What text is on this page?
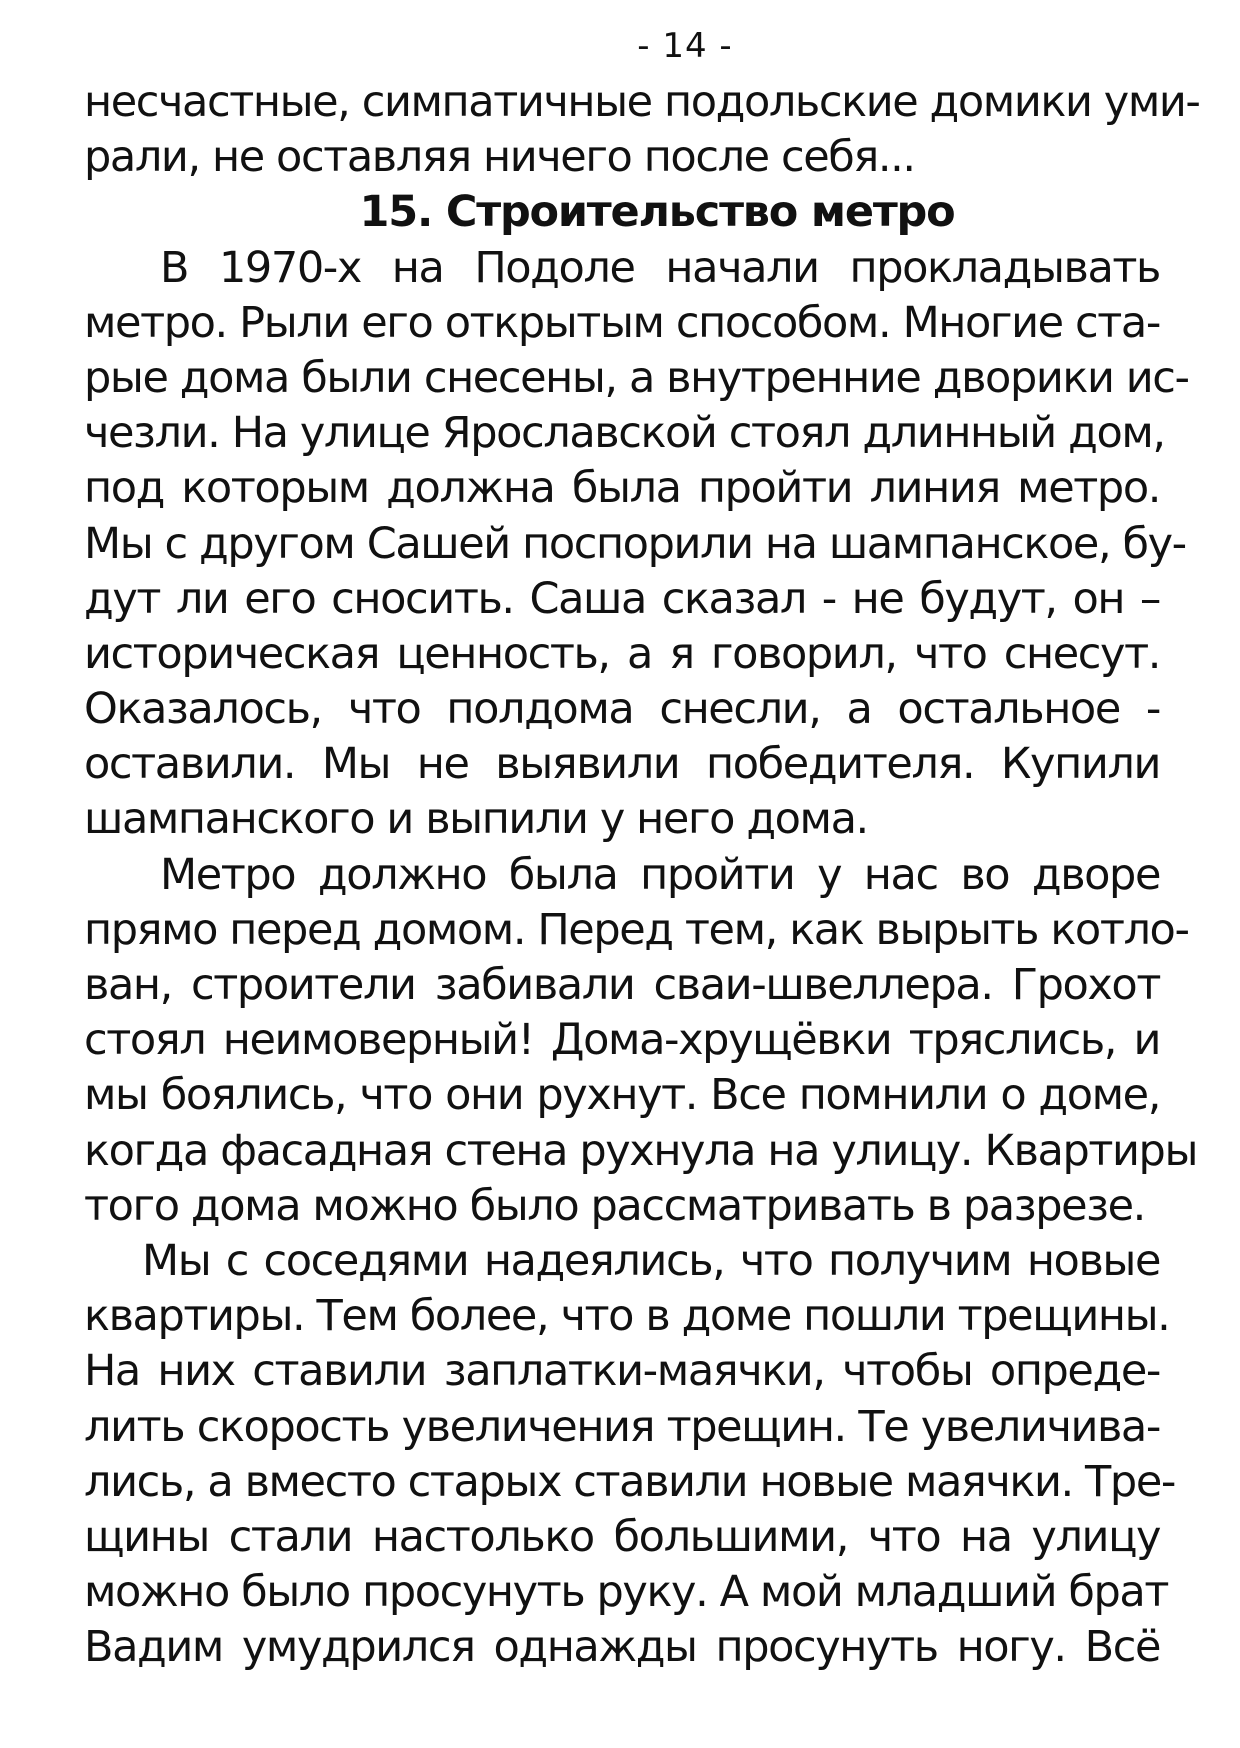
- 14 -
несчастные, симпатичные подольские домики уми-
рали, не оставляя ничего после себя...
15. Строительство метро
В 1970-х на Подоле начали прокладывать
метро. Рыли его открытым способом. Многие ста-
рые дома были снесены, а внутренние дворики ис-
чезли. На улице Ярославской стоял длинный дом,
под которым должна была пройти линия метро.
Мы с другом Сашей поспорили на шампанское, бу-
дут ли его сносить. Саша сказал - не будут, он –
историческая ценность, а я говорил, что снесут.
Оказалось, что полдома снесли, а остальное -
оставили. Мы не выявили победителя. Купили
шампанского и выпили у него дома.
Метро должно была пройти у нас во дворе
прямо перед домом. Перед тем, как вырыть котло-
ван, строители забивали сваи-швеллера. Грохот
стоял неимоверный! Дома-хрущёвки тряслись, и
мы боялись, что они рухнут. Все помнили о доме,
когда фасадная стена рухнула на улицу. Квартиры
того дома можно было рассматривать в разрезе.
Мы с соседями надеялись, что получим новые
квартиры. Тем более, что в доме пошли трещины.
На них ставили заплатки-маячки, чтобы опреде-
лить скорость увеличения трещин. Те увеличива-
лись, а вместо старых ставили новые маячки. Тре-
щины стали настолько большими, что на улицу
можно было просунуть руку. А мой младший брат
Вадим умудрился однажды просунуть ногу. Всё
